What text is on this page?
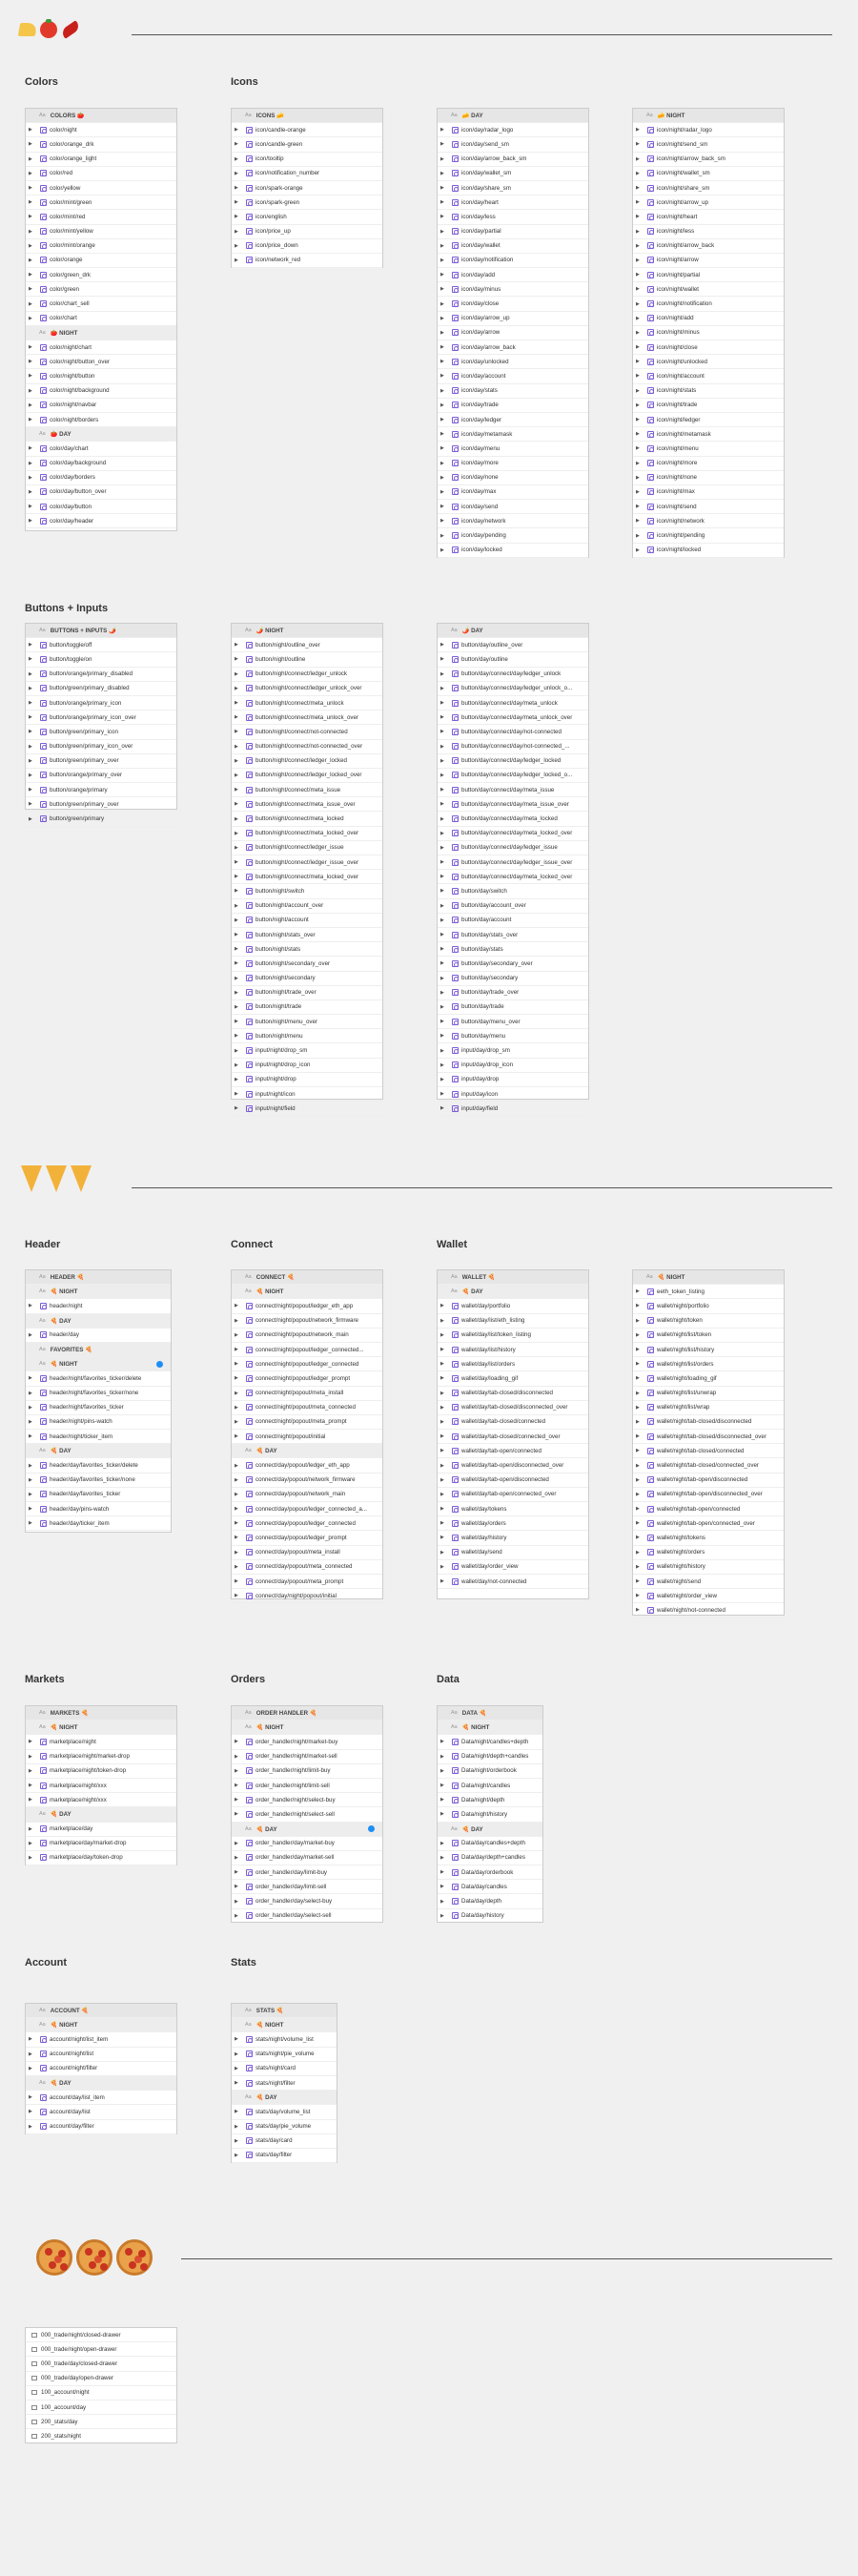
Colors	Icons
Aa COLORS 🍅
▶	color/night
▶	color/orange_drk
▶	color/orange_light
▶	color/red
▶	color/yellow
▶	color/mint/green
▶	color/mint/red
▶	color/mint/yellow
▶	color/mint/orange
▶	color/orange
▶	color/green_drk
▶	color/green
▶	color/chart_sell
▶	color/chart
Aa 🍅 NIGHT
▶	color/night/chart
▶	color/night/button_over
▶	color/night/button
▶	color/night/background
▶	color/night/navbar
▶	color/night/borders
Aa 🍅 DAY
▶	color/day/chart
▶	color/day/background
▶	color/day/borders
▶	color/day/button_over
▶	color/day/button
▶	color/day/header
Aa ICONS 🧀
▶	icon/candle-orange
▶	icon/candle-green
▶	icon/tooltip
▶	icon/notification_number
▶	icon/spark-orange
▶	icon/spark-green
▶	icon/english
▶	icon/price_up
▶	icon/price_down
▶	icon/network_red
Aa 🧀 DAY
▶	icon/day/radar_logo
▶	icon/day/send_sm
▶	icon/day/arrow_back_sm
▶	icon/day/wallet_sm
▶	icon/day/share_sm
▶	icon/day/heart
▶	icon/day/less
▶	icon/day/partial
▶	icon/day/wallet
▶	icon/day/notification
▶	icon/day/add
▶	icon/day/minus
▶	icon/day/close
▶	icon/day/arrow_up
▶	icon/day/arrow
▶	icon/day/arrow_back
▶	icon/day/unlocked
▶	icon/day/account
▶	icon/day/stats
▶	icon/day/trade
▶	icon/day/ledger
▶	icon/day/metamask
▶	icon/day/menu
▶	icon/day/more
▶	icon/day/none
▶	icon/day/max
▶	icon/day/send
▶	icon/day/network
▶	icon/day/pending
▶	icon/day/locked
Aa 🧀 NIGHT
▶	icon/night/radar_logo
▶	icon/night/send_sm
▶	icon/night/arrow_back_sm
▶	icon/night/wallet_sm
▶	icon/night/share_sm
▶	icon/night/arrow_up
▶	icon/night/heart
▶	icon/night/less
▶	icon/night/arrow_back
▶	icon/night/arrow
▶	icon/night/partial
▶	icon/night/wallet
▶	icon/night/notification
▶	icon/night/add
▶	icon/night/minus
▶	icon/night/close
▶	icon/night/unlocked
▶	icon/night/account
▶	icon/night/stats
▶	icon/night/trade
▶	icon/night/ledger
▶	icon/night/metamask
▶	icon/night/menu
▶	icon/night/more
▶	icon/night/none
▶	icon/night/max
▶	icon/night/send
▶	icon/night/network
▶	icon/night/pending
▶	icon/night/locked
Buttons + Inputs
Aa BUTTONS + INPUTS 🌶️
▶	button/toggle/off
▶	button/toggle/on
▶	button/orange/primary_disabled
▶	button/green/primary_disabled
▶	button/orange/primary_icon
▶	button/orange/primary_icon_over
▶	button/green/primary_icon
▶	button/green/primary_icon_over
▶	button/green/primary_over
▶	button/orange/primary_over
▶	button/orange/primary
▶	button/green/primary_over
▶	button/green/primary
Aa 🌶️ NIGHT
▶	button/night/outline_over
▶	button/night/outline
▶	button/night/connect/ledger_unlock
▶	button/night/connect/ledger_unlock_over
▶	button/night/connect/meta_unlock
▶	button/night/connect/meta_unlock_over
▶	button/night/connect/not-connected
▶	button/night/connect/not-connected_over
▶	button/night/connect/ledger_locked
▶	button/night/connect/ledger_locked_over
▶	button/night/connect/meta_issue
▶	button/night/connect/meta_issue_over
▶	button/night/connect/meta_locked
▶	button/night/connect/meta_locked_over
▶	button/night/connect/ledger_issue
▶	button/night/connect/ledger_issue_over
▶	button/night/connect/meta_locked_over
▶	button/night/switch
▶	button/night/account_over
▶	button/night/account
▶	button/night/stats_over
▶	button/night/stats
▶	button/night/secondary_over
▶	button/night/secondary
▶	button/night/trade_over
▶	button/night/trade
▶	button/night/menu_over
▶	button/night/menu
▶	input/night/drop_sm
▶	input/night/drop_icon
▶	input/night/drop
▶	input/night/icon
▶	input/night/field
Aa 🌶️ DAY
▶	button/day/outline_over
▶	button/day/outline
▶	button/day/connect/day/ledger_unlock
▶	button/day/connect/day/ledger_unlock_o...
▶	button/day/connect/day/meta_unlock
▶	button/day/connect/day/meta_unlock_over
▶	button/day/connect/day/not-connected
▶	button/day/connect/day/not-connected_...
▶	button/day/connect/day/ledger_locked
▶	button/day/connect/day/ledger_locked_o...
▶	button/day/connect/day/meta_issue
▶	button/day/connect/day/meta_issue_over
▶	button/day/connect/day/meta_locked
▶	button/day/connect/day/meta_locked_over
▶	button/day/connect/day/ledger_issue
▶	button/day/connect/day/ledger_issue_over
▶	button/day/connect/day/meta_locked_over
▶	button/day/switch
▶	button/day/account_over
▶	button/day/account
▶	button/day/stats_over
▶	button/day/stats
▶	button/day/secondary_over
▶	button/day/secondary
▶	button/day/trade_over
▶	button/day/trade
▶	button/day/menu_over
▶	button/day/menu
▶	input/day/drop_sm
▶	input/day/drop_icon
▶	input/day/drop
▶	input/day/icon
▶	input/day/field
Header	Connect	Wallet
Aa HEADER 🍕
Aa 🍕 NIGHT
▶	header/night
Aa 🍕 DAY
▶	header/day
Aa FAVORITES 🍕
Aa 🍕 NIGHT
▶	header/night/favorites_ticker/delete
▶	header/night/favorites_ticker/none
▶	header/night/favorites_ticker
▶	header/night/pins-watch
▶	header/night/ticker_item
Aa 🍕 DAY
▶	header/day/favorites_ticker/delete
▶	header/day/favorites_ticker/none
▶	header/day/favorites_ticker
▶	header/day/pins-watch
▶	header/day/ticker_item
Aa CONNECT 🍕
Aa 🍕 NIGHT
▶	connect/night/popout/ledger_eth_app
▶	connect/night/popout/network_firmware
▶	connect/night/popout/network_main
▶	connect/night/popout/ledger_connected...
▶	connect/night/popout/ledger_connected
▶	connect/night/popout/ledger_prompt
▶	connect/night/popout/meta_install
▶	connect/night/popout/meta_connected
▶	connect/night/popout/meta_prompt
▶	connect/night/popout/initial
Aa 🍕 DAY
▶	connect/day/popout/ledger_eth_app
▶	connect/day/popout/network_firmware
▶	connect/day/popout/network_main
▶	connect/day/popout/ledger_connected_a...
▶	connect/day/popout/ledger_connected
▶	connect/day/popout/ledger_prompt
▶	connect/day/popout/meta_install
▶	connect/day/popout/meta_connected
▶	connect/day/popout/meta_prompt
▶	connect/day/night/popout/initial
Aa WALLET 🍕
Aa 🍕 DAY
▶	wallet/day/portfolio
▶	wallet/day/list/eth_listing
▶	wallet/day/list/token_listing
▶	wallet/day/list/history
▶	wallet/day/list/orders
▶	wallet/day/loading_gif
▶	wallet/day/tab-closed/disconnected
▶	wallet/day/tab-closed/disconnected_over
▶	wallet/day/tab-closed/connected
▶	wallet/day/tab-closed/connected_over
▶	wallet/day/tab-open/connected
▶	wallet/day/tab-open/disconnected_over
▶	wallet/day/tab-open/disconnected
▶	wallet/day/tab-open/connected_over
▶	wallet/day/tokens
▶	wallet/day/orders
▶	wallet/day/history
▶	wallet/day/send
▶	wallet/day/order_view
▶	wallet/day/not-connected
Aa 🍕 NIGHT
▶	eeth_token_listing
▶	wallet/night/portfolio
▶	wallet/night/token
▶	wallet/night/list/token
▶	wallet/night/list/history
▶	wallet/night/list/orders
▶	wallet/night/loading_gif
▶	wallet/night/list/unwrap
▶	wallet/night/list/wrap
▶	wallet/night/tab-closed/disconnected
▶	wallet/night/tab-closed/disconnected_over
▶	wallet/night/tab-closed/connected
▶	wallet/night/tab-closed/connected_over
▶	wallet/night/tab-open/disconnected
▶	wallet/night/tab-open/disconnected_over
▶	wallet/night/tab-open/connected
▶	wallet/night/tab-open/connected_over
▶	wallet/night/tokens
▶	wallet/night/orders
▶	wallet/night/history
▶	wallet/night/send
▶	wallet/night/order_view
▶	wallet/night/not-connected
Markets	Orders	Data
Aa MARKETS 🍕
Aa 🍕 NIGHT
▶	marketplace/night
▶	marketplace/night/market-drop
▶	marketplace/night/token-drop
▶	marketplace/night/xxx
▶	marketplace/night/xxx
Aa 🍕 DAY
▶	marketplace/day
▶	marketplace/day/market-drop
▶	marketplace/day/token-drop
Aa ORDER HANDLER 🍕
Aa 🍕 NIGHT
▶	order_handler/night/market-buy
▶	order_handler/night/market-sell
▶	order_handler/night/limit-buy
▶	order_handler/night/limit-sell
▶	order_handler/night/select-buy
▶	order_handler/night/select-sell
Aa 🍕 DAY
▶	order_handler/day/market-buy
▶	order_handler/day/market-sell
▶	order_handler/day/limit-buy
▶	order_handler/day/limit-sell
▶	order_handler/day/select-buy
▶	order_handler/day/select-sell
Aa DATA 🍕
Aa 🍕 NIGHT
▶	Data/night/candles+depth
▶	Data/night/depth+candles
▶	Data/night/orderbook
▶	Data/night/candles
▶	Data/night/depth
▶	Data/night/history
Aa 🍕 DAY
▶	Data/day/candles+depth
▶	Data/day/depth+candles
▶	Data/day/orderbook
▶	Data/day/candles
▶	Data/day/depth
▶	Data/day/history
Account	Stats
Aa ACCOUNT 🍕
Aa 🍕 NIGHT
▶	account/night/list_item
▶	account/night/list
▶	account/night/filter
Aa 🍕 DAY
▶	account/day/list_item
▶	account/day/list
▶	account/day/filter
Aa STATS 🍕
Aa 🍕 NIGHT
▶	stats/night/volume_list
▶	stats/night/pie_volume
▶	stats/night/card
▶	stats/night/filter
Aa 🍕 DAY
▶	stats/day/volume_list
▶	stats/day/pie_volume
▶	stats/day/card
▶	stats/day/filter
000_trade/night/closed-drawer
000_trade/night/open-drawer
000_trade/day/closed-drawer
000_trade/day/open-drawer
100_account/night
100_account/day
200_stats/day
200_stats/night
